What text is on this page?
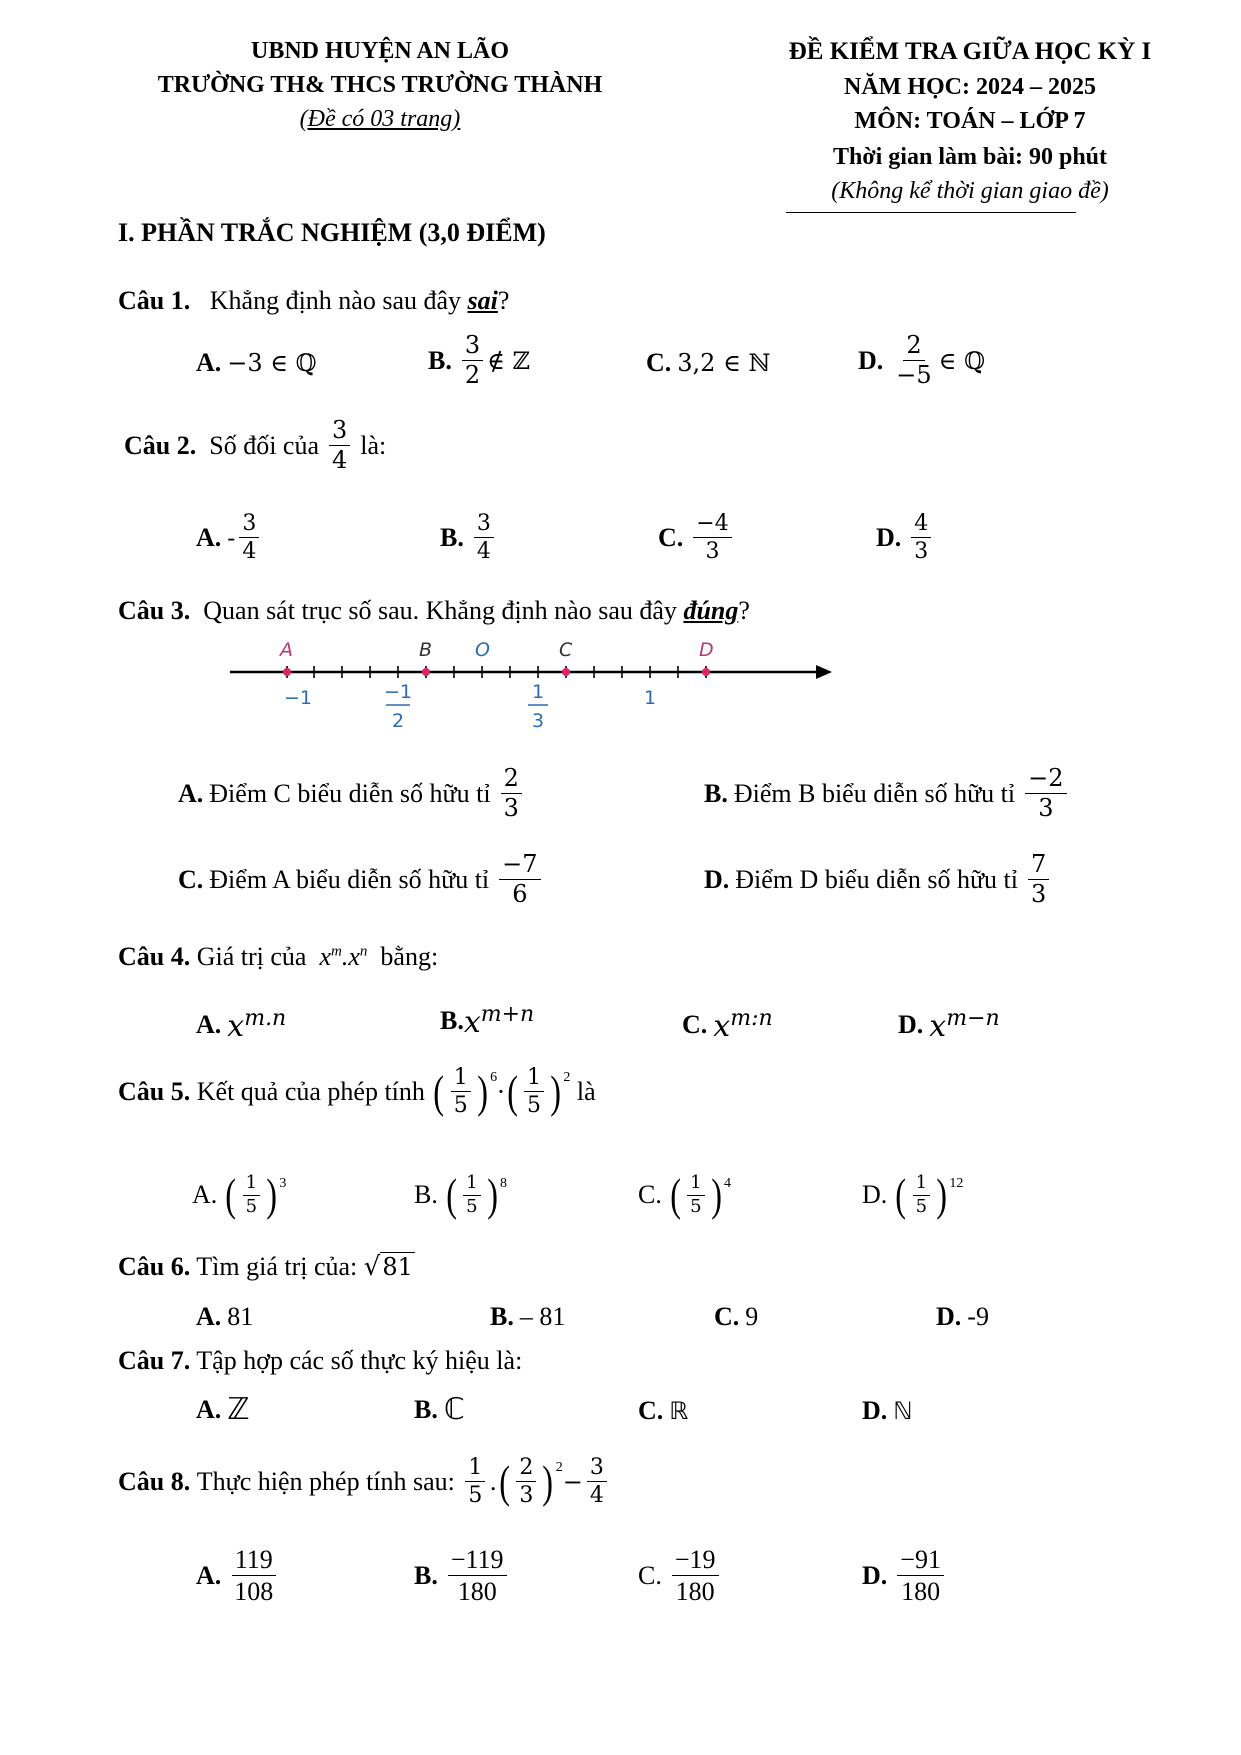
UBND HUYỆN AN LÃO
TRƯỜNG TH& THCS TRƯỜNG THÀNH
(Đề có 03 trang)
ĐỀ KIỂM TRA GIỮA HỌC KỲ I
NĂM HỌC: 2024 – 2025
MÔN: TOÁN – LỚP 7
Thời gian làm bài: 90 phút
(Không kể thời gian giao đề)
I. PHẦN TRẮC NGHIỆM (3,0 ĐIỂM)
Câu 1. Khẳng định nào sau đây sai?
A. −3 ∈ ℚ	B. $\frac{3}{2}$ ∉ ℤ	C. 3,2 ∈ ℕ	D. $\frac{2}{-5}$ ∈ ℚ
Câu 2.
Số đối của $\frac{3}{4}$ là:
A. - $\frac{3}{4}$	B. $\frac{3}{4}$	C. $\frac{-4}{3}$	D. $\frac{4}{3}$
Câu 3. Quan sát trục số sau. Khẳng định nào sau đây đúng?
A	B O	C	D
−1	−1
2
1
3
1
A. Điểm C biểu diễn số hữu tỉ $\frac{2}{3}$	B. Điểm B biểu diễn số hữu tỉ $\frac{-2}{3}$
C. Điểm A biểu diễn số hữu tỉ $\frac{-7}{6}$	D. Điểm D biểu diễn số hữu tỉ $\frac{7}{3}$
Câu 4. Giá trị của $x^m.x^n$ bằng:
A. $x^{m.n}$	B. $x^{m+n}$	C. $x^{m:n}$	D. $x^{m-n}$
Câu 5.
Kết quả của phép tính
( $\frac{1}{5} )^6$
· ( $\frac{1}{5} )^2$
là
A. ( $\frac{1}{5} )^3$	B. ( $\frac{1}{5} )^8$	C. ( $\frac{1}{5} )^4$	D. ( $\frac{1}{5} )^{12}$
Câu 6. Tìm giá trị của: √81
A. 81	B. – 81	C. 9	D. -9
Câu 7. Tập hợp các số thực ký hiệu là:
A. ℤ	B. ℂ	C. ℝ	D. ℕ
Câu 8.
Thực hiện phép tính sau:
$\frac{1}{5}$ . ( $\frac{2}{3} )^2$
− $\frac{3}{4}$
A. $\frac{119}{108}$	B. $\frac{-119}{180}$	C. $\frac{-19}{180}$	D. $\frac{-91}{180}$
